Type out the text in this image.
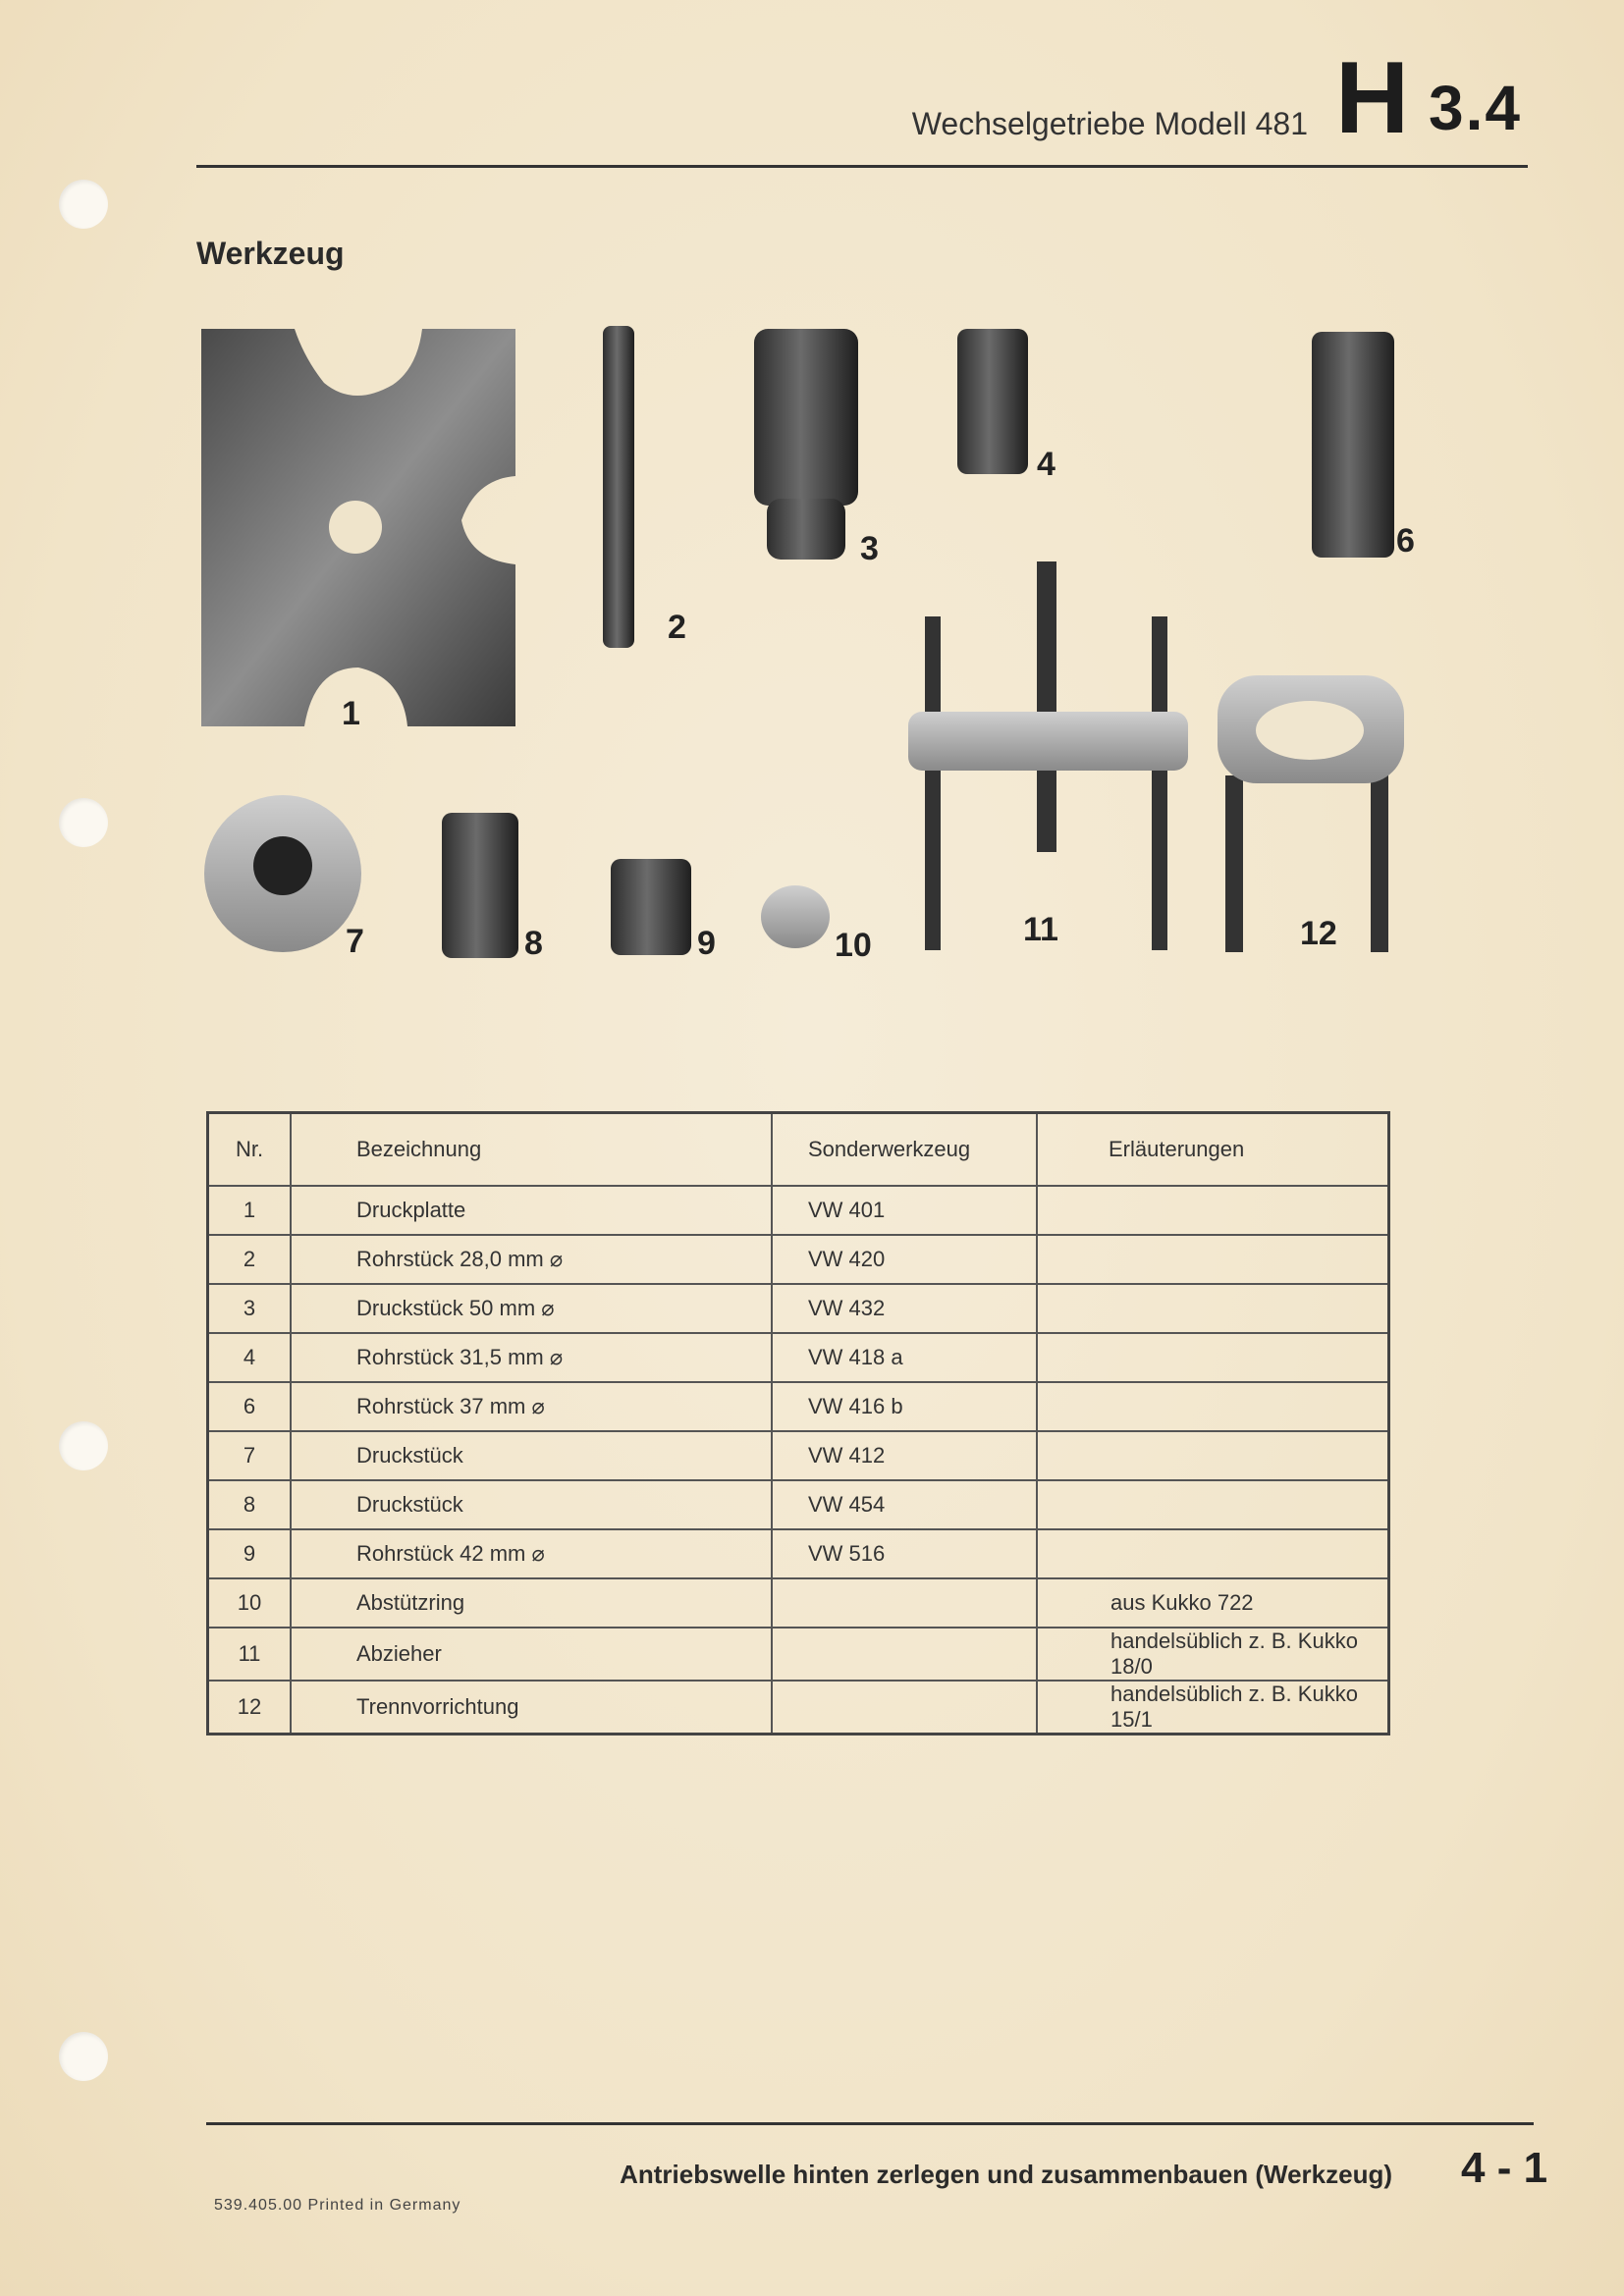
Wechselgetriebe Modell 481 H 3.4
Werkzeug
1
2
3
4
6
7	8	9	10	11	12
Nr.	Bezeichnung	Sonderwerkzeug	Erläuterungen
1	Druckplatte	VW 401	
2	Rohrstück 28,0 mm ⌀	VW 420	
3	Druckstück 50 mm ⌀	VW 432	
4	Rohrstück 31,5 mm ⌀	VW 418 a	
6	Rohrstück 37 mm ⌀	VW 416 b	
7	Druckstück	VW 412	
8	Druckstück	VW 454	
9	Rohrstück 42 mm ⌀	VW 516	
10	Abstützring		aus Kukko 722
11	Abzieher		handelsüblich z. B. Kukko 18/0
12	Trennvorrichtung		handelsüblich z. B. Kukko 15/1
Antriebswelle hinten zerlegen und zusammenbauen (Werkzeug) 4 - 1
539.405.00 Printed in Germany
